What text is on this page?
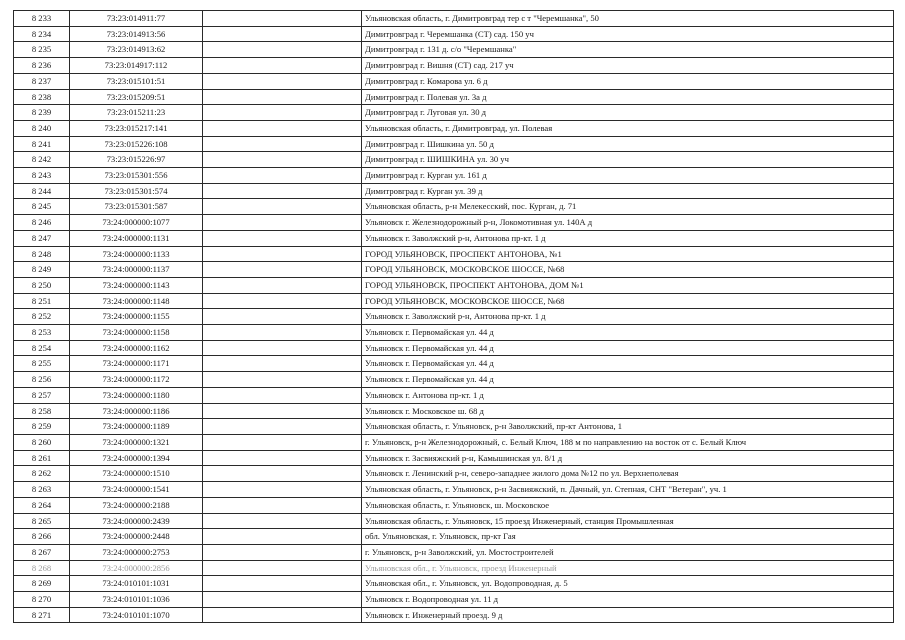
8 233	73:23:014911:77		Ульяновская область, г. Димитровград тер с т "Черемшанка", 50
8 234	73:23:014913:56		Димитровград г. Черемшанка (СТ) сад. 150 уч
8 235	73:23:014913:62		Димитровград г. 131 д. с/о "Черемшанка"
8 236	73:23:014917:112		Димитровград г. Вишня (СТ) сад. 217 уч
8 237	73:23:015101:51		Димитровград г. Комарова ул. 6 д
8 238	73:23:015209:51		Димитровград г. Полевая ул. 3а д
8 239	73:23:015211:23		Димитровград г. Луговая ул. 30 д
8 240	73:23:015217:141		Ульяновская область, г. Димитровград, ул. Полевая
8 241	73:23:015226:108		Димитровград г. Шишкина ул. 50 д
8 242	73:23:015226:97		Димитровград г. ШИШКИНА ул. 30 уч
8 243	73:23:015301:556		Димитровград г. Курган ул. 161 д
8 244	73:23:015301:574		Димитровград г. Курган ул. 39 д
8 245	73:23:015301:587		Ульяновская область, р-н Мелекесский, пос. Курган, д. 71
8 246	73:24:000000:1077		Ульяновск г. Железнодорожный р-н, Локомотивная ул. 140А д
8 247	73:24:000000:1131		Ульяновск г. Заволжский р-н, Антонова пр-кт. 1 д
8 248	73:24:000000:1133		ГОРОД УЛЬЯНОВСК, ПРОСПЕКТ АНТОНОВА, №1
8 249	73:24:000000:1137		ГОРОД УЛЬЯНОВСК, МОСКОВСКОЕ ШОССЕ, №68
8 250	73:24:000000:1143		ГОРОД УЛЬЯНОВСК, ПРОСПЕКТ АНТОНОВА, ДОМ №1
8 251	73:24:000000:1148		ГОРОД УЛЬЯНОВСК, МОСКОВСКОЕ ШОССЕ, №68
8 252	73:24:000000:1155		Ульяновск г. Заволжский р-н, Антонова пр-кт. 1 д
8 253	73:24:000000:1158		Ульяновск г. Первомайская ул. 44 д
8 254	73:24:000000:1162		Ульяновск г. Первомайская ул. 44 д
8 255	73:24:000000:1171		Ульяновск г. Первомайская ул. 44 д
8 256	73:24:000000:1172		Ульяновск г. Первомайская ул. 44 д
8 257	73:24:000000:1180		Ульяновск г. Антонова пр-кт. 1 д
8 258	73:24:000000:1186		Ульяновск г. Московское ш. 68 д
8 259	73:24:000000:1189		Ульяновская область, г. Ульяновск, р-н Заволжский, пр-кт Антонова, 1
8 260	73:24:000000:1321		г. Ульяновск, р-н Железнодорожный, с. Белый Ключ, 188 м по направлению на восток от с. Белый Ключ
8 261	73:24:000000:1394		Ульяновск г. Засвияжский р-н, Камышинская ул. 8/1 д
8 262	73:24:000000:1510		Ульяновск г. Ленинский р-н, северо-западнее жилого дома №12 по ул. Верхнеполевая
8 263	73:24:000000:1541		Ульяновская область, г. Ульяновск, р-н Засвияжский, п. Дачный, ул. Степная, СНТ "Ветеран", уч. 1
8 264	73:24:000000:2188		Ульяновская область, г. Ульяновск, ш. Московское
8 265	73:24:000000:2439		Ульяновская область, г. Ульяновск, 15 проезд Инженерный, станция Промышленная
8 266	73:24:000000:2448		обл. Ульяновская, г. Ульяновск, пр-кт Гая
8 267	73:24:000000:2753		г. Ульяновск, р-н Заволжский, ул. Мостостроителей
8 268	73:24:000000:2856		Ульяновская обл., г. Ульяновск, проезд Инженерный
8 269	73:24:010101:1031		Ульяновская обл., г. Ульяновск, ул. Водопроводная, д. 5
8 270	73:24:010101:1036		Ульяновск г. Водопроводная ул. 11 д
8 271	73:24:010101:1070		Ульяновск г. Инженерный проезд. 9 д
